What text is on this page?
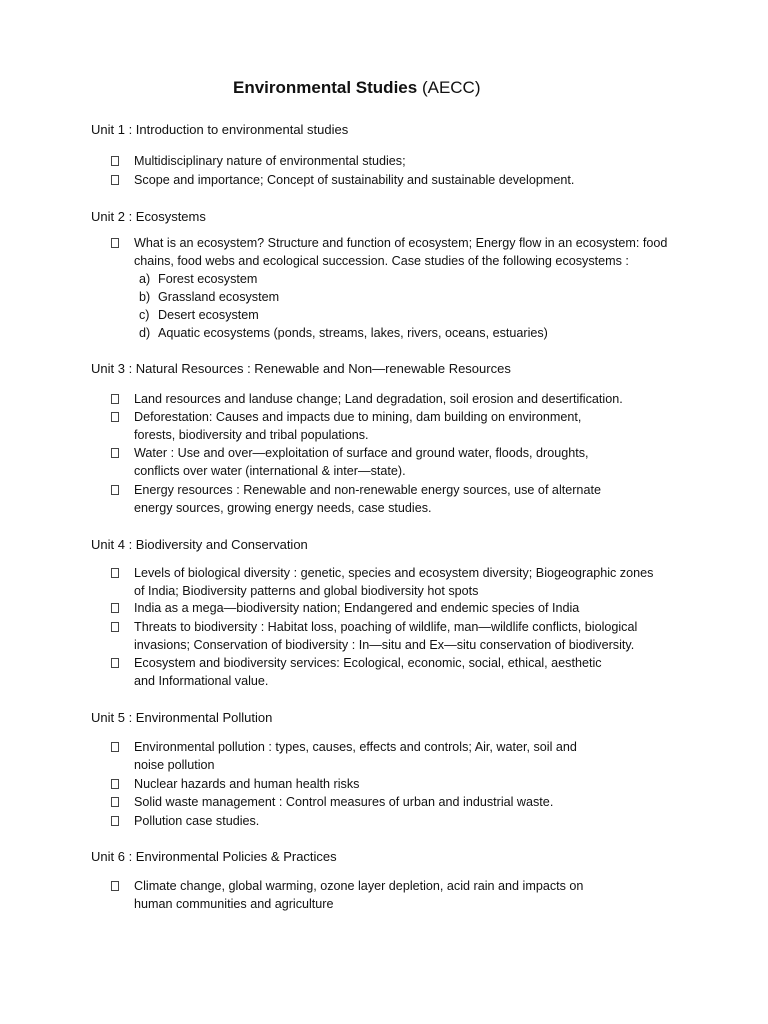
Environmental Studies (AECC)
Unit 1 : Introduction to environmental studies
Multidisciplinary nature of environmental studies;
Scope and importance; Concept of sustainability and sustainable development.
Unit 2 : Ecosystems
What is an ecosystem? Structure and function of ecosystem; Energy flow in an ecosystem: food
chains, food webs and ecological succession. Case studies of the following ecosystems :
a) Forest ecosystem
b) Grassland ecosystem
c) Desert ecosystem
d) Aquatic ecosystems (ponds, streams, lakes, rivers, oceans, estuaries)
Unit 3 : Natural Resources : Renewable and Non—renewable Resources
Land resources and landuse change; Land degradation, soil erosion and desertification.
Deforestation: Causes and impacts due to mining, dam building on environment,
forests, biodiversity and tribal populations.
Water : Use and over—exploitation of surface and ground water, floods, droughts,
conflicts over water (international & inter—state).
Energy resources : Renewable and non-renewable energy sources, use of alternate
energy sources, growing energy needs, case studies.
Unit 4 : Biodiversity and Conservation
Levels of biological diversity : genetic, species and ecosystem diversity; Biogeographic zones
of India; Biodiversity patterns and global biodiversity hot spots
India as a mega—biodiversity nation; Endangered and endemic species of India
Threats to biodiversity : Habitat loss, poaching of wildlife, man—wildlife conflicts, biological
invasions; Conservation of biodiversity : In—situ and Ex—situ conservation of biodiversity.
Ecosystem and biodiversity services: Ecological, economic, social, ethical, aesthetic
and Informational value.
Unit 5 : Environmental Pollution
Environmental pollution : types, causes, effects and controls; Air, water, soil and
noise pollution
Nuclear hazards and human health risks
Solid waste management : Control measures of urban and industrial waste.
Pollution case studies.
Unit 6 : Environmental Policies & Practices
Climate change, global warming, ozone layer depletion, acid rain and impacts on
human communities and agriculture
